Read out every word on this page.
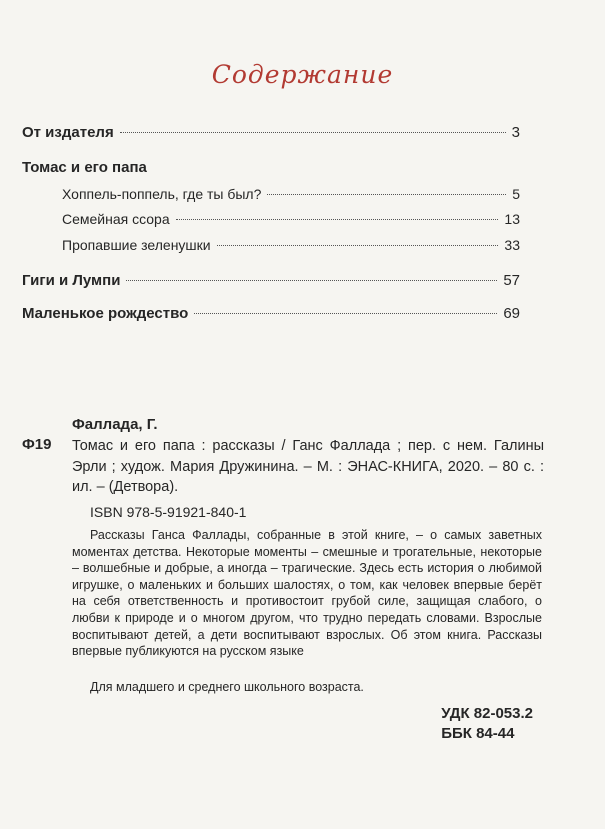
Содержание
От издателя	3
Томас и его папа
Хоппель-поппель, где ты был?	5
Семейная ссора	13
Пропавшие зеленушки	33
Гиги и Лумпи	57
Маленькое рождество	69
Фаллада, Г.
Ф19 Томас и его папа : рассказы / Ганс Фаллада ; пер. с нем. Галины Эрли ; худож. Мария Дружинина. – М. : ЭНАС-КНИГА, 2020. – 80 с. : ил. – (Детвора).
ISBN 978-5-91921-840-1
Рассказы Ганса Фаллады, собранные в этой книге, – о самых заветных моментах детства. Некоторые моменты – смешные и трогательные, некоторые – волшебные и добрые, а иногда – трагические. Здесь есть история о любимой игрушке, о маленьких и больших шалостях, о том, как человек впервые берёт на себя ответственность и противостоит грубой силе, защищая слабого, о любви к природе и о многом другом, что трудно передать словами. Взрослые воспитывают детей, а дети воспитывают взрослых. Об этом книга. Рассказы впервые публикуются на русском языке
Для младшего и среднего школьного возраста.
УДК 82-053.2
ББК 84-44
